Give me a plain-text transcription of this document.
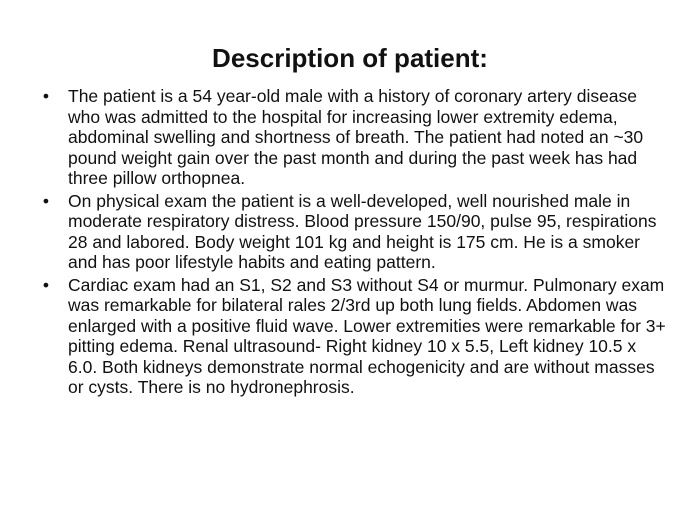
Description of patient:
• The patient is a 54 year-old male with a history of coronary artery disease who was admitted to the hospital for increasing lower extremity edema, abdominal swelling and shortness of breath. The patient had noted an ~30 pound weight gain over the past month and during the past week has had three pillow orthopnea.
• On physical exam the patient is a well-developed, well nourished male in moderate respiratory distress. Blood pressure 150/90, pulse 95, respirations 28 and labored. Body weight 101 kg and height is 175 cm. He is a smoker and has poor lifestyle habits and eating pattern.
• Cardiac exam had an S1, S2 and S3 without S4 or murmur. Pulmonary exam was remarkable for bilateral rales 2/3rd up both lung fields. Abdomen was enlarged with a positive fluid wave. Lower extremities were remarkable for 3+ pitting edema. Renal ultrasound- Right kidney 10 x 5.5, Left kidney 10.5 x 6.0. Both kidneys demonstrate normal echogenicity and are without masses or cysts. There is no hydronephrosis.
